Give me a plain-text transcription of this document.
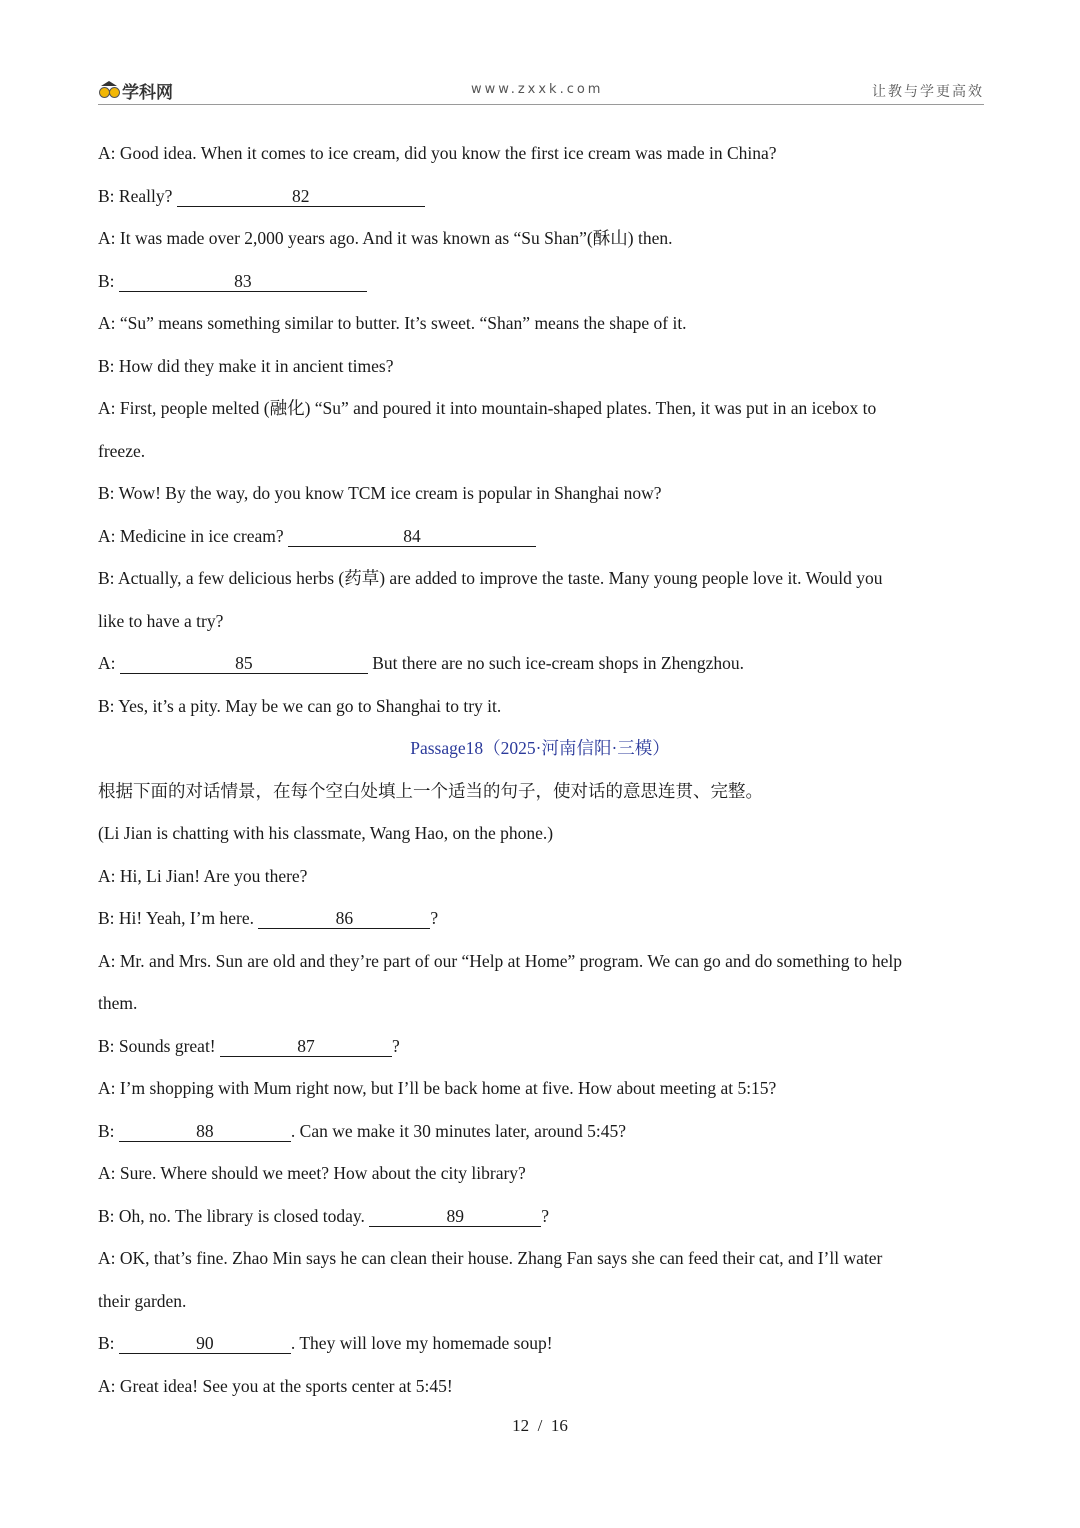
学科网	www.zxxk.com	让教与学更高效
A: Good idea. When it comes to ice cream, did you know the first ice cream was made in China?
B: Really?	82
A: It was made over 2,000 years ago. And it was known as “Su Shan”(酥山) then.
B:	83
A: “Su” means something similar to butter. It’s sweet. “Shan” means the shape of it.
B: How did they make it in ancient times?
A: First, people melted (融化) “Su” and poured it into mountain-shaped plates. Then, it was put in an icebox to
freeze.
B: Wow! By the way, do you know TCM ice cream is popular in Shanghai now?
A: Medicine in ice cream?	84
B: Actually, a few delicious herbs (药草) are added to improve the taste. Many young people love it. Would you
like to have a try?
A:	85	But there are no such ice-cream shops in Zhengzhou.
B: Yes, it’s a pity. May be we can go to Shanghai to try it.
Passage18（2025·河南信阳·三模）
根据下面的对话情景，在每个空白处填上一个适当的句子，使对话的意思连贯、完整。
(Li Jian is chatting with his classmate, Wang Hao, on the phone.)
A: Hi, Li Jian! Are you there?
B: Hi! Yeah, I’m here.	86	?
A: Mr. and Mrs. Sun are old and they’re part of our “Help at Home” program. We can go and do something to help
them.
B: Sounds great!	87	?
A: I’m shopping with Mum right now, but I’ll be back home at five. How about meeting at 5:15?
B:	88	. Can we make it 30 minutes later, around 5:45?
A: Sure. Where should we meet? How about the city library?
B: Oh, no. The library is closed today.	89	?
A: OK, that’s fine. Zhao Min says he can clean their house. Zhang Fan says she can feed their cat, and I’ll water
their garden.
B:	90	. They will love my homemade soup!
A: Great idea! See you at the sports center at 5:45!
12 / 16
